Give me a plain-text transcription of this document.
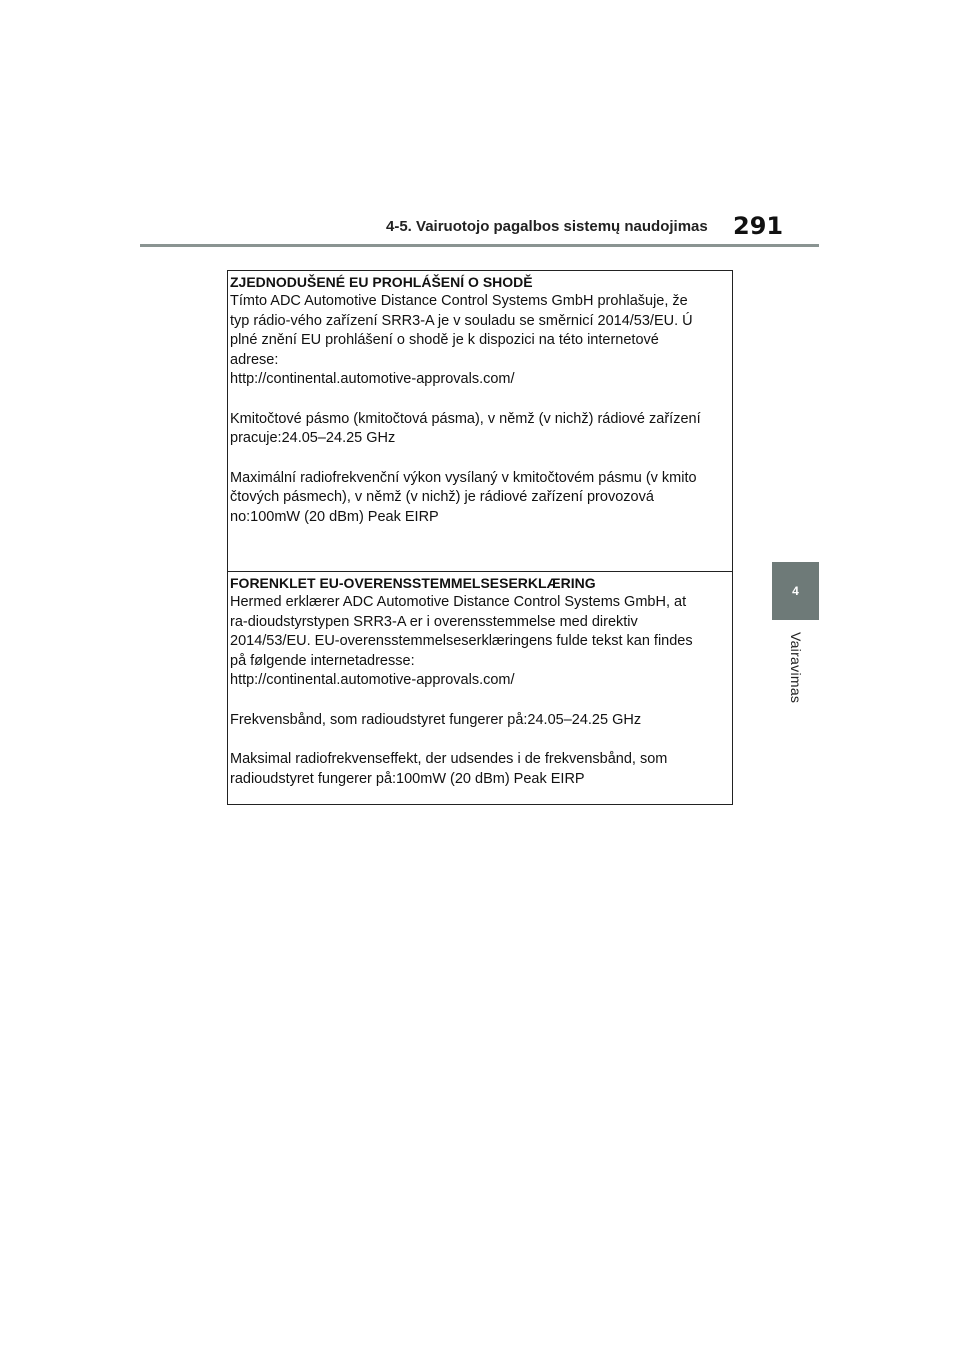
4-5. Vairuotojo pagalbos sistemų naudojimas 291
4
Vairavimas
ZJEDNODUŠENÉ EU PROHLÁŠENÍ O SHODĚ
Tímto ADC Automotive Distance Control Systems GmbH prohlašuje, že
typ rádio-vého zařízení SRR3-A je v souladu se směrnicí 2014/53/EU. Ú
plné znění EU prohlášení o shodě je k dispozici na této internetové
adrese:
http://continental.automotive-approvals.com/
Kmitočtové pásmo (kmitočtová pásma), v němž (v nichž) rádiové zařízení
pracuje:24.05–24.25 GHz
Maximální radiofrekvenční výkon vysílaný v kmitočtovém pásmu (v kmito
čtových pásmech), v němž (v nichž) je rádiové zařízení provozová
no:100mW (20 dBm) Peak EIRP
FORENKLET EU-OVERENSSTEMMELSESERKLÆRING
Hermed erklærer ADC Automotive Distance Control Systems GmbH, at
ra-dioudstyrstypen SRR3-A er i overensstemmelse med direktiv
2014/53/EU. EU-overensstemmelseserklæringens fulde tekst kan findes
på følgende internetadresse:
http://continental.automotive-approvals.com/
Frekvensbånd, som radioudstyret fungerer på:24.05–24.25 GHz
Maksimal radiofrekvenseffekt, der udsendes i de frekvensbånd, som
radioudstyret fungerer på:100mW (20 dBm) Peak EIRP
